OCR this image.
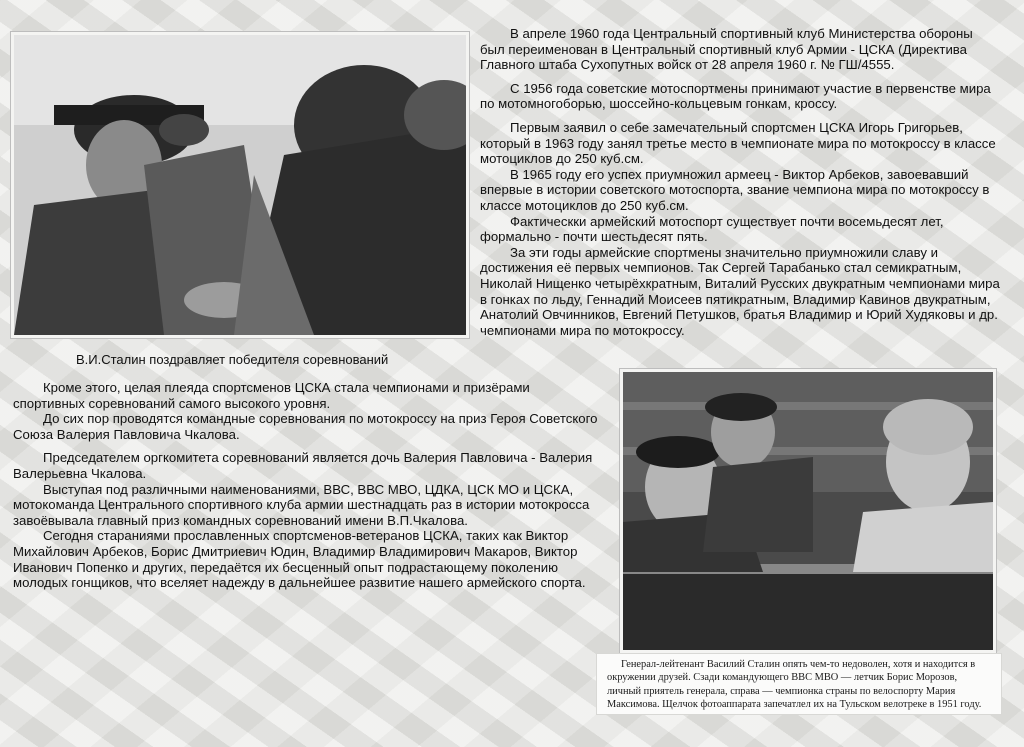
В.И.Сталин поздравляет победителя соревнований

В апреле 1960 года Центральный спортивный клуб Министерства обороны был переименован в Центральный спортивный клуб Армии - ЦСКА (Директива Главного штаба Сухопутных войск от 28 апреля 1960 г. № ГШ/4555.

С 1956 года советские мотоспортмены принимают участие в первенстве мира по мотомногоборью, шоссейно-кольцевым гонкам, кроссу.

Первым заявил о себе замечательный спортсмен ЦСКА Игорь Григорьев, который в 1963 году занял третье место в чемпионате мира по мотокроссу в классе мотоциклов до 250 куб.см.

В 1965 году его успех приумножил армеец - Виктор Арбеков, завоевавший впервые в истории советского мотоспорта, звание чемпиона мира по мотокроссу в классе мотоциклов до 250 куб.см.

Фактическки армейский мотоспорт существует почти восемьдесят лет, формально - почти шестьдесят пять.

За эти годы армейские спортмены значительно приумножили славу и достижения её первых чемпионов. Так Сергей Тарабанько стал семикратным, Николай Нищенко четырёхкратным, Виталий Русских двукратным чемпионами мира в гонках по льду, Геннадий Моисеев пятикратным, Владимир Кавинов двукратным, Анатолий Овчинников, Евгений Петушков, братья Владимир и Юрий Худяковы и др. чемпионами мира по мотокроссу.

Кроме этого, целая плеяда спортсменов ЦСКА стала чемпионами и призёрами спортивных соревнований самого высокого уровня.

До сих пор проводятся командные соревнования по мотокроссу на приз Героя Советского Союза Валерия Павловича Чкалова.

Председателем оргкомитета соревнований является дочь Валерия Павловича - Валерия Валерьевна Чкалова.

Выступая под различными наименованиями, ВВС, ВВС МВО, ЦДКА, ЦСК МО и ЦСКА, мотокоманда Центрального спортивного клуба армии шестнадцать раз в истории мотокросса завоёвывала главный приз командных соревнований имени В.П.Чкалова.

Сегодня стараниями прославленных спортсменов-ветеранов ЦСКА, таких как Виктор Михайлович Арбеков, Борис Дмитриевич Юдин, Владимир Владимирович Макаров, Виктор Иванович Попенко и других, передаётся их бесценный опыт подрастающему поколению молодых гонщиков, что вселяет надежду в дальнейшее развитие нашего армейского спорта.

Генерал-лейтенант Василий Сталин опять чем-то недоволен, хотя и находится в окружении друзей. Сзади командующего ВВС МВО — летчик Борис Морозов, личный приятель генерала, справа — чемпионка страны по велоспорту Мария Максимова. Щелчок фотоаппарата запечатлел их на Тульском велотреке в 1951 году.
